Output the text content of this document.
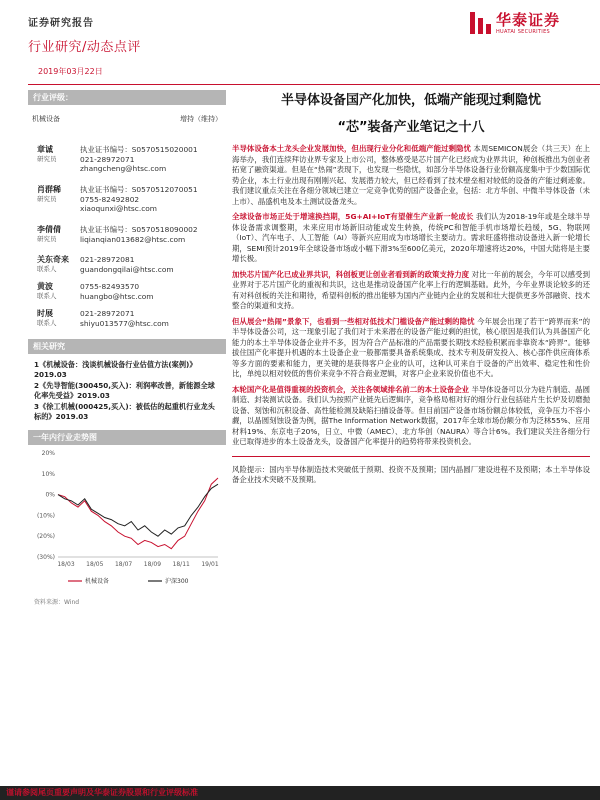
证券研究报告	华泰证券
HUATAI SECURITIES
行业研究/动态点评
2019年03月22日
行业评级：
机械设备	增持（维持）
章诚
研究员
执业证书编号：S0570515020001
021-28972071
zhangcheng@htsc.com
肖群稀
研究员
执业证书编号：S0570512070051
0755-82492802
xiaoqunxi@htsc.com
李倩倩
研究员
执业证书编号：S0570518090002
liqianqian013682@htsc.com
关东奇来
联系人
021-28972081
guandongqilai@htsc.com
黄波
联系人
0755-82493570
huangbo@htsc.com
时展
联系人
021-28972071
shiyu013577@htsc.com
相关研究
1《机械设备：浅谈机械设备行业估值方法(案例)》2019.03
2《先导智能(300450,买入)：利润率改善，新能源全球化率先受益》2019.03
3《徐工机械(000425,买入)：被低估的起重机行业龙头标的》2019.03
一年内行业走势图
20%
10%
0%
(10%)
(20%)
(30%)
18/03 18/05 18/07 18/09 18/11 19/01
机械设备	沪深300
资料来源：Wind
半导体设备国产化加快，低端产能现过剩隐忧
“芯”装备产业笔记之十八
半导体设备本土龙头企业发展加快，但出现行业分化和低端产能过剩隐忧 本周SEMICON展会（共三天）在上海举办，我们连续拜访业界专家及上市公司，整体感受是芯片国产化已经成为业界共识，种创板推出为创业者拓宽了融资渠道。但是在“热闹”表现下，也发现一些隐忧，如部分半导体设备行业份额高度集中于少数国际优势企业，本土行业出现有刚刚兴起、发展潜力较大，但已经看到了技术壁垒相对较低的设备的产能过剩迹象。我们建议重点关注在各细分领域已建立一定竞争优势的国产设备企业，包括：北方华创、中微半导体设备（未上市）、晶盛机电及本土测试设备龙头。
全球设备市场正处于增速换挡期，5G+AI+IoT有望催生产业新一轮成长 我们认为2018-19年或是全球半导体设备需求调整期，未来应用市场新旧动能或发生转换，传统PC和智能手机市场增长趋缓，5G、物联网（IoT）、汽车电子、人工智能（AI）等新兴应用成为市场增长主要动力。需求旺盛将推动设备进入新一轮增长期，SEMI预计2019年全球设备市场或小幅下滑3%至600亿美元，2020年增速将达20%，中国大陆将是主要增长极。
加快芯片国产化已成业界共识，科创板更让创业者看到新的政策支持力度 对比一年前的展会，今年可以感受到业界对于芯片国产化的重视和共识，这也是推动设备国产化率上行的逻辑基础。此外，今年业界谈论较多的还有对科创板的关注和期待，希望科创板的推出能够为国内产业链内企业的发展和壮大提供更多外部融资、技术整合的渠道和支持。
但从展会“热闹”景象下，也看到一些相对低技术门槛设备产能过剩的隐忧 今年展会出现了若干“跨界而来”的半导体设备公司，这一现象引起了我们对于未来潜在的设备产能过剩的担忧，核心原因是我们认为具备国产化能力的本土半导体设备企业并不多，因为符合产品标准的产品需要长期技术经验积累而非靠资本“跨界”。能够拔住国产化率提升机遇的本土设备企业一般都需要具备系统集成、技术专利及研发投入、核心部件供应商体系等多方面的要素和能力，更关键的是获得客户企业的认可，这种认可来自于设备的产出效率、稳定性和性价比，单纯以相对较低的售价来竞争不符合商业逻辑，对客户企业来说价值也不大。
本轮国产化是值得重视的投资机会，关注各领域排名前二的本土设备企业 半导体设备可以分为硅片制造、晶圆制造、封装测试设备。我们认为按照产业链先后逻辑序，竞争格局相对好的细分行业包括硅片生长炉及切磨抛设备、刻蚀和沉积设备、高性能检测及缺陷扫描设备等。但目前国产设备市场份额总体较低，竞争压力不容小觑，以晶圆刻蚀设备为例，据The Information Network数据，2017年全球市场份额分布为泛林55%、应用材料19%、东京电子20%，日立、中微（AMEC）、北方华创（NAURA）等合计6%。我们建议关注各细分行业已取得进步的本土设备龙头，设备国产化率提升的趋势将带来投资机会。
风险提示：国内半导体制造技术突破低于预期、投资不及预期；国内晶圆厂建设进程不及预期；本土半导体设备企业技术突破不及预期。
谨请参阅尾页重要声明及华泰证券股票和行业评级标准
